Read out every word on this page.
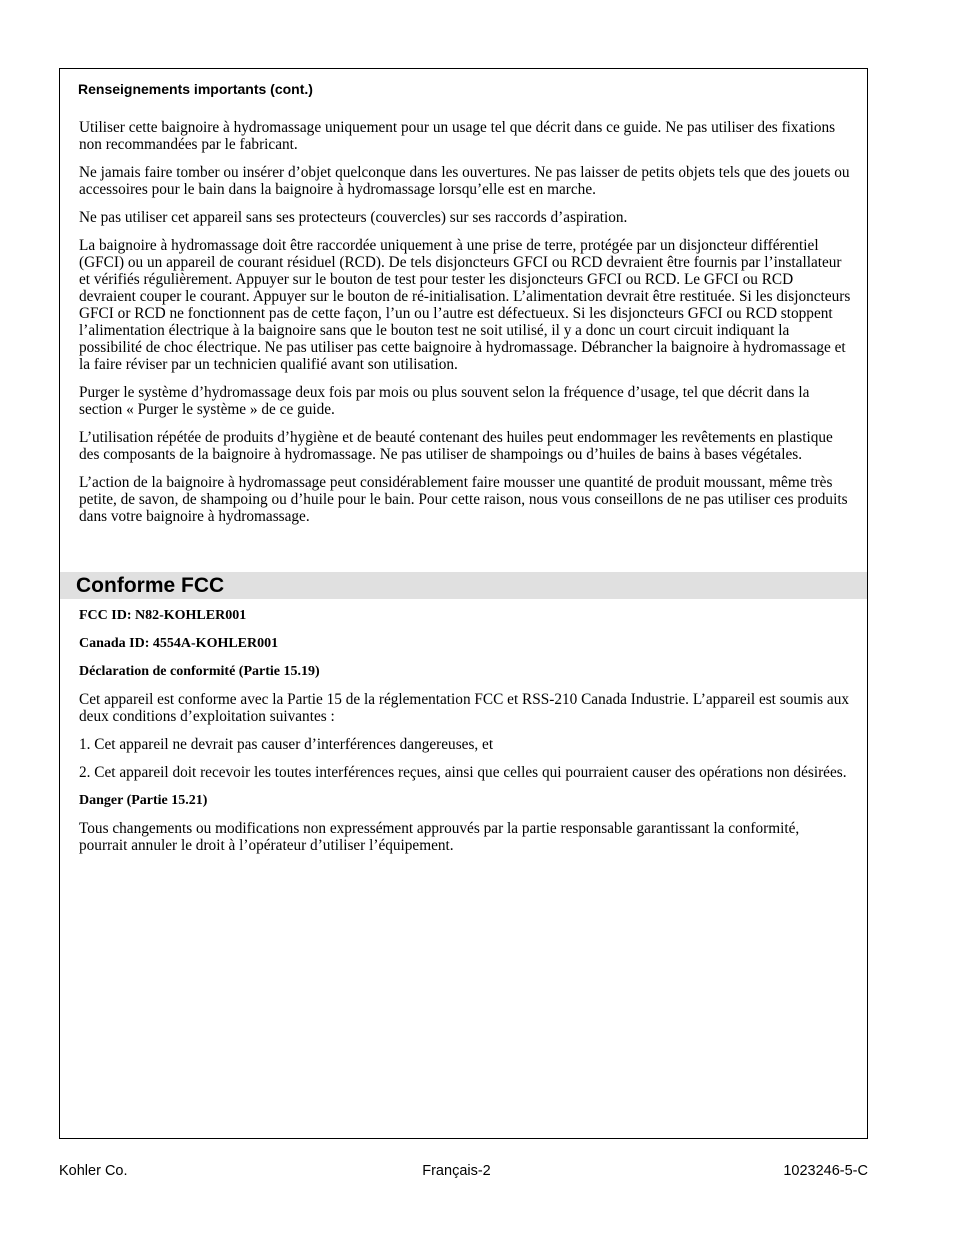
Renseignements importants (cont.)

Utiliser cette baignoire à hydromassage uniquement pour un usage tel que décrit dans ce guide. Ne pas utiliser des fixations non recommandées par le fabricant.

Ne jamais faire tomber ou insérer d’objet quelconque dans les ouvertures. Ne pas laisser de petits objets tels que des jouets ou accessoires pour le bain dans la baignoire à hydromassage lorsqu’elle est en marche.

Ne pas utiliser cet appareil sans ses protecteurs (couvercles) sur ses raccords d’aspiration.

La baignoire à hydromassage doit être raccordée uniquement à une prise de terre, protégée par un disjoncteur différentiel (GFCI) ou un appareil de courant résiduel (RCD). De tels disjoncteurs GFCI ou RCD devraient être fournis par l’installateur et vérifiés régulièrement. Appuyer sur le bouton de test pour tester les disjoncteurs GFCI ou RCD. Le GFCI ou RCD devraient couper le courant. Appuyer sur le bouton de ré-initialisation. L’alimentation devrait être restituée. Si les disjoncteurs GFCI or RCD ne fonctionnent pas de cette façon, l’un ou l’autre est défectueux. Si les disjoncteurs GFCI ou RCD stoppent l’alimentation électrique à la baignoire sans que le bouton test ne soit utilisé, il y a donc un court circuit indiquant la possibilité de choc électrique. Ne pas utiliser pas cette baignoire à hydromassage. Débrancher la baignoire à hydromassage et la faire réviser par un technicien qualifié avant son utilisation.

Purger le système d’hydromassage deux fois par mois ou plus souvent selon la fréquence d’usage, tel que décrit dans la section « Purger le système » de ce guide.

L’utilisation répétée de produits d’hygiène et de beauté contenant des huiles peut endommager les revêtements en plastique des composants de la baignoire à hydromassage. Ne pas utiliser de shampoings ou d’huiles de bains à bases végétales.

L’action de la baignoire à hydromassage peut considérablement faire mousser une quantité de produit moussant, même très petite, de savon, de shampoing ou d’huile pour le bain. Pour cette raison, nous vous conseillons de ne pas utiliser ces produits dans votre baignoire à hydromassage.

Conforme FCC

FCC ID: N82-KOHLER001

Canada ID: 4554A-KOHLER001

Déclaration de conformité (Partie 15.19)

Cet appareil est conforme avec la Partie 15 de la réglementation FCC et RSS-210 Canada Industrie. L’appareil est soumis aux deux conditions d’exploitation suivantes :

1. Cet appareil ne devrait pas causer d’interférences dangereuses, et

2. Cet appareil doit recevoir les toutes interférences reçues, ainsi que celles qui pourraient causer des opérations non désirées.

Danger (Partie 15.21)

Tous changements ou modifications non expressément approuvés par la partie responsable garantissant la conformité, pourrait annuler le droit à l’opérateur d’utiliser l’équipement.

Kohler Co.	Français-2	1023246-5-C
